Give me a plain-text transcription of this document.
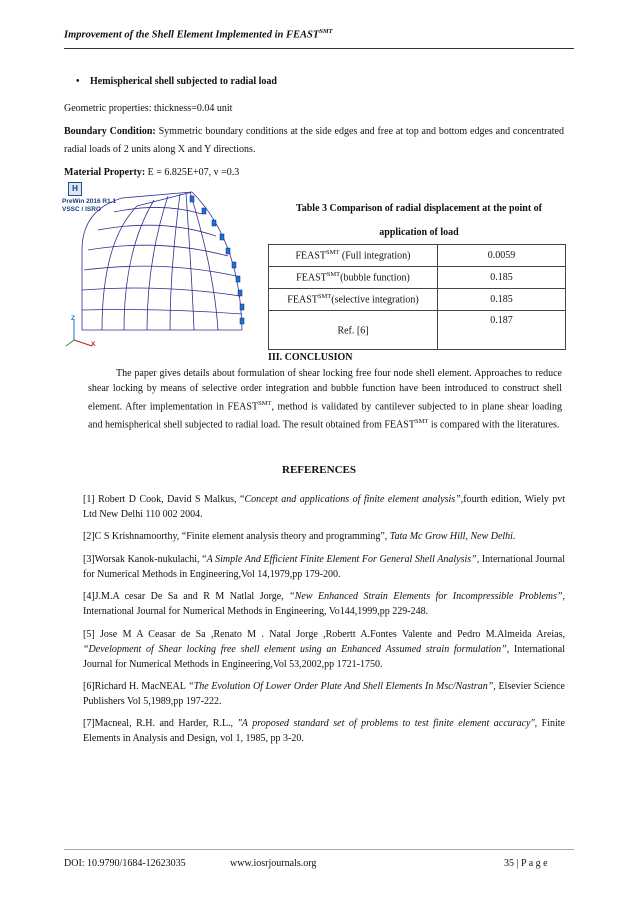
Improvement of the Shell Element Implemented in $FEAST^{SMT}$
• Hemispherical shell subjected to radial load
Geometric properties: thickness=0.04 unit
Boundary Condition: Symmetric boundary conditions at the side edges and free at top and bottom edges and concentrated radial loads of 2 units along X and Y directions.
Material Property: E = 6.825E+07, v =0.3
H
PreWin 2016 R1.1
VSSC / ISRO
Z
X
Table 3 Comparison of radial displacement at the point of application of load
$FEAST^{SMT}$ (Full integration)	0.0059
$FEAST^{SMT}(bubble$ function)	0.185
$FEAST^{SMT}(selective$ integration)	0.185
Ref. [6]	0.187
III. CONCLUSION
The paper gives details about formulation of shear locking free four node shell element. Approaches to reduce shear locking by means of selective order integration and bubble function have been introduced to construct shell element. After implementation in $FEAST^{SMT}$, method is validated by cantilever subjected to in plane shear loading and hemispherical shell subjected to radial load. The result obtained from $FEAST^{SMT}$ is compared with the literatures.
REFERENCES
[1] Robert D Cook, David S Malkus, “Concept and applications of finite element analysis”,fourth edition, Wiely pvt Ltd New Delhi 110 002 2004.
[2]C S Krishnamoorthy, “Finite element analysis theory and programming”, Tata Mc Grow Hill, New Delhi.
[3]Worsak Kanok-nukulachi, “A Simple And Efficient Finite Element For General Shell Analysis”, International Journal for Numerical Methods in Engineering,Vol 14,1979,pp 179-200.
[4]J.M.A cesar De Sa and R M Natlal Jorge, “New Enhanced Strain Elements for Incompressible Problems”, International Journal for Numerical Methods in Engineering, Vo144,1999,pp 229-248.
[5] Jose M A Ceasar de Sa ,Renato M . Natal Jorge ,Robertt A.Fontes Valente and Pedro M.Almeida Areias, “Development of Shear locking free shell element using an Enhanced Assumed strain formulation”, International Journal for Numerical Methods in Engineering,Vol 53,2002,pp 1721-1750.
[6]Richard H. MacNEAL “The Evolution Of Lower Order Plate And Shell Elements In Msc/Nastran”, Elsevier Science Publishers Vol 5,1989,pp 197-222.
[7]Macneal, R.H. and Harder, R.L., "A proposed standard set of problems to test finite element accuracy", Finite Elements in Analysis and Design, vol 1, 1985, pp 3-20.
DOI: 10.9790/1684-12623035	www.iosrjournals.org	35 | P a g e
